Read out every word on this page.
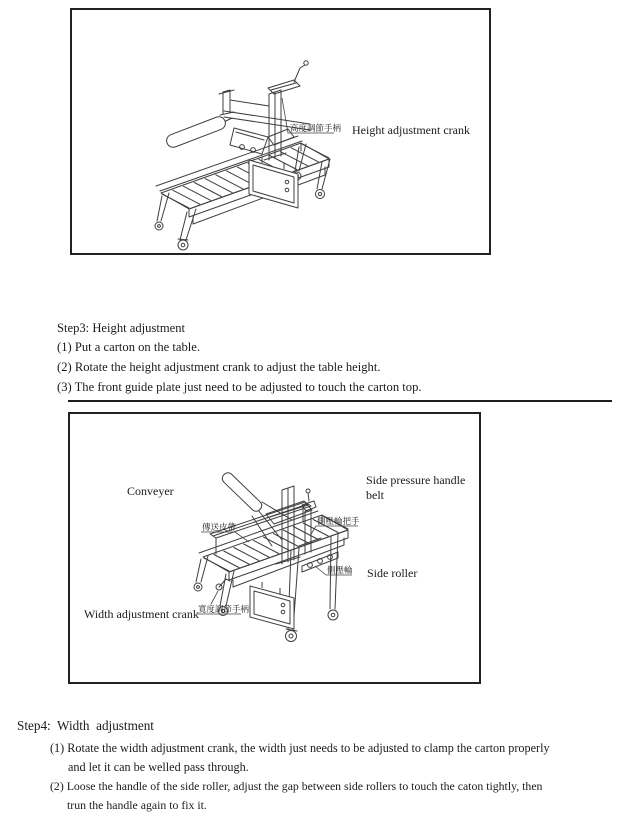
高度調節手柄 Height adjustment crank
Step3: Height adjustment
(1) Put a carton on the table.
(2) Rotate the height adjustment crank to adjust the table height.
(3) The front guide plate just need to be adjusted to touch the carton top.
Conveyer
Side pressure handle
belt
傳送皮帶
側壓輪把手
側壓輪 Side roller
寬度調節手柄
Width adjustment crank
Step4:  Width  adjustment
(1) Rotate the width adjustment crank, the width just needs to be adjusted to clamp the carton properly
and let it can be welled pass through.
(2) Loose the handle of the side roller, adjust the gap between side rollers to touch the caton tightly, then
trun the handle again to fix it.
